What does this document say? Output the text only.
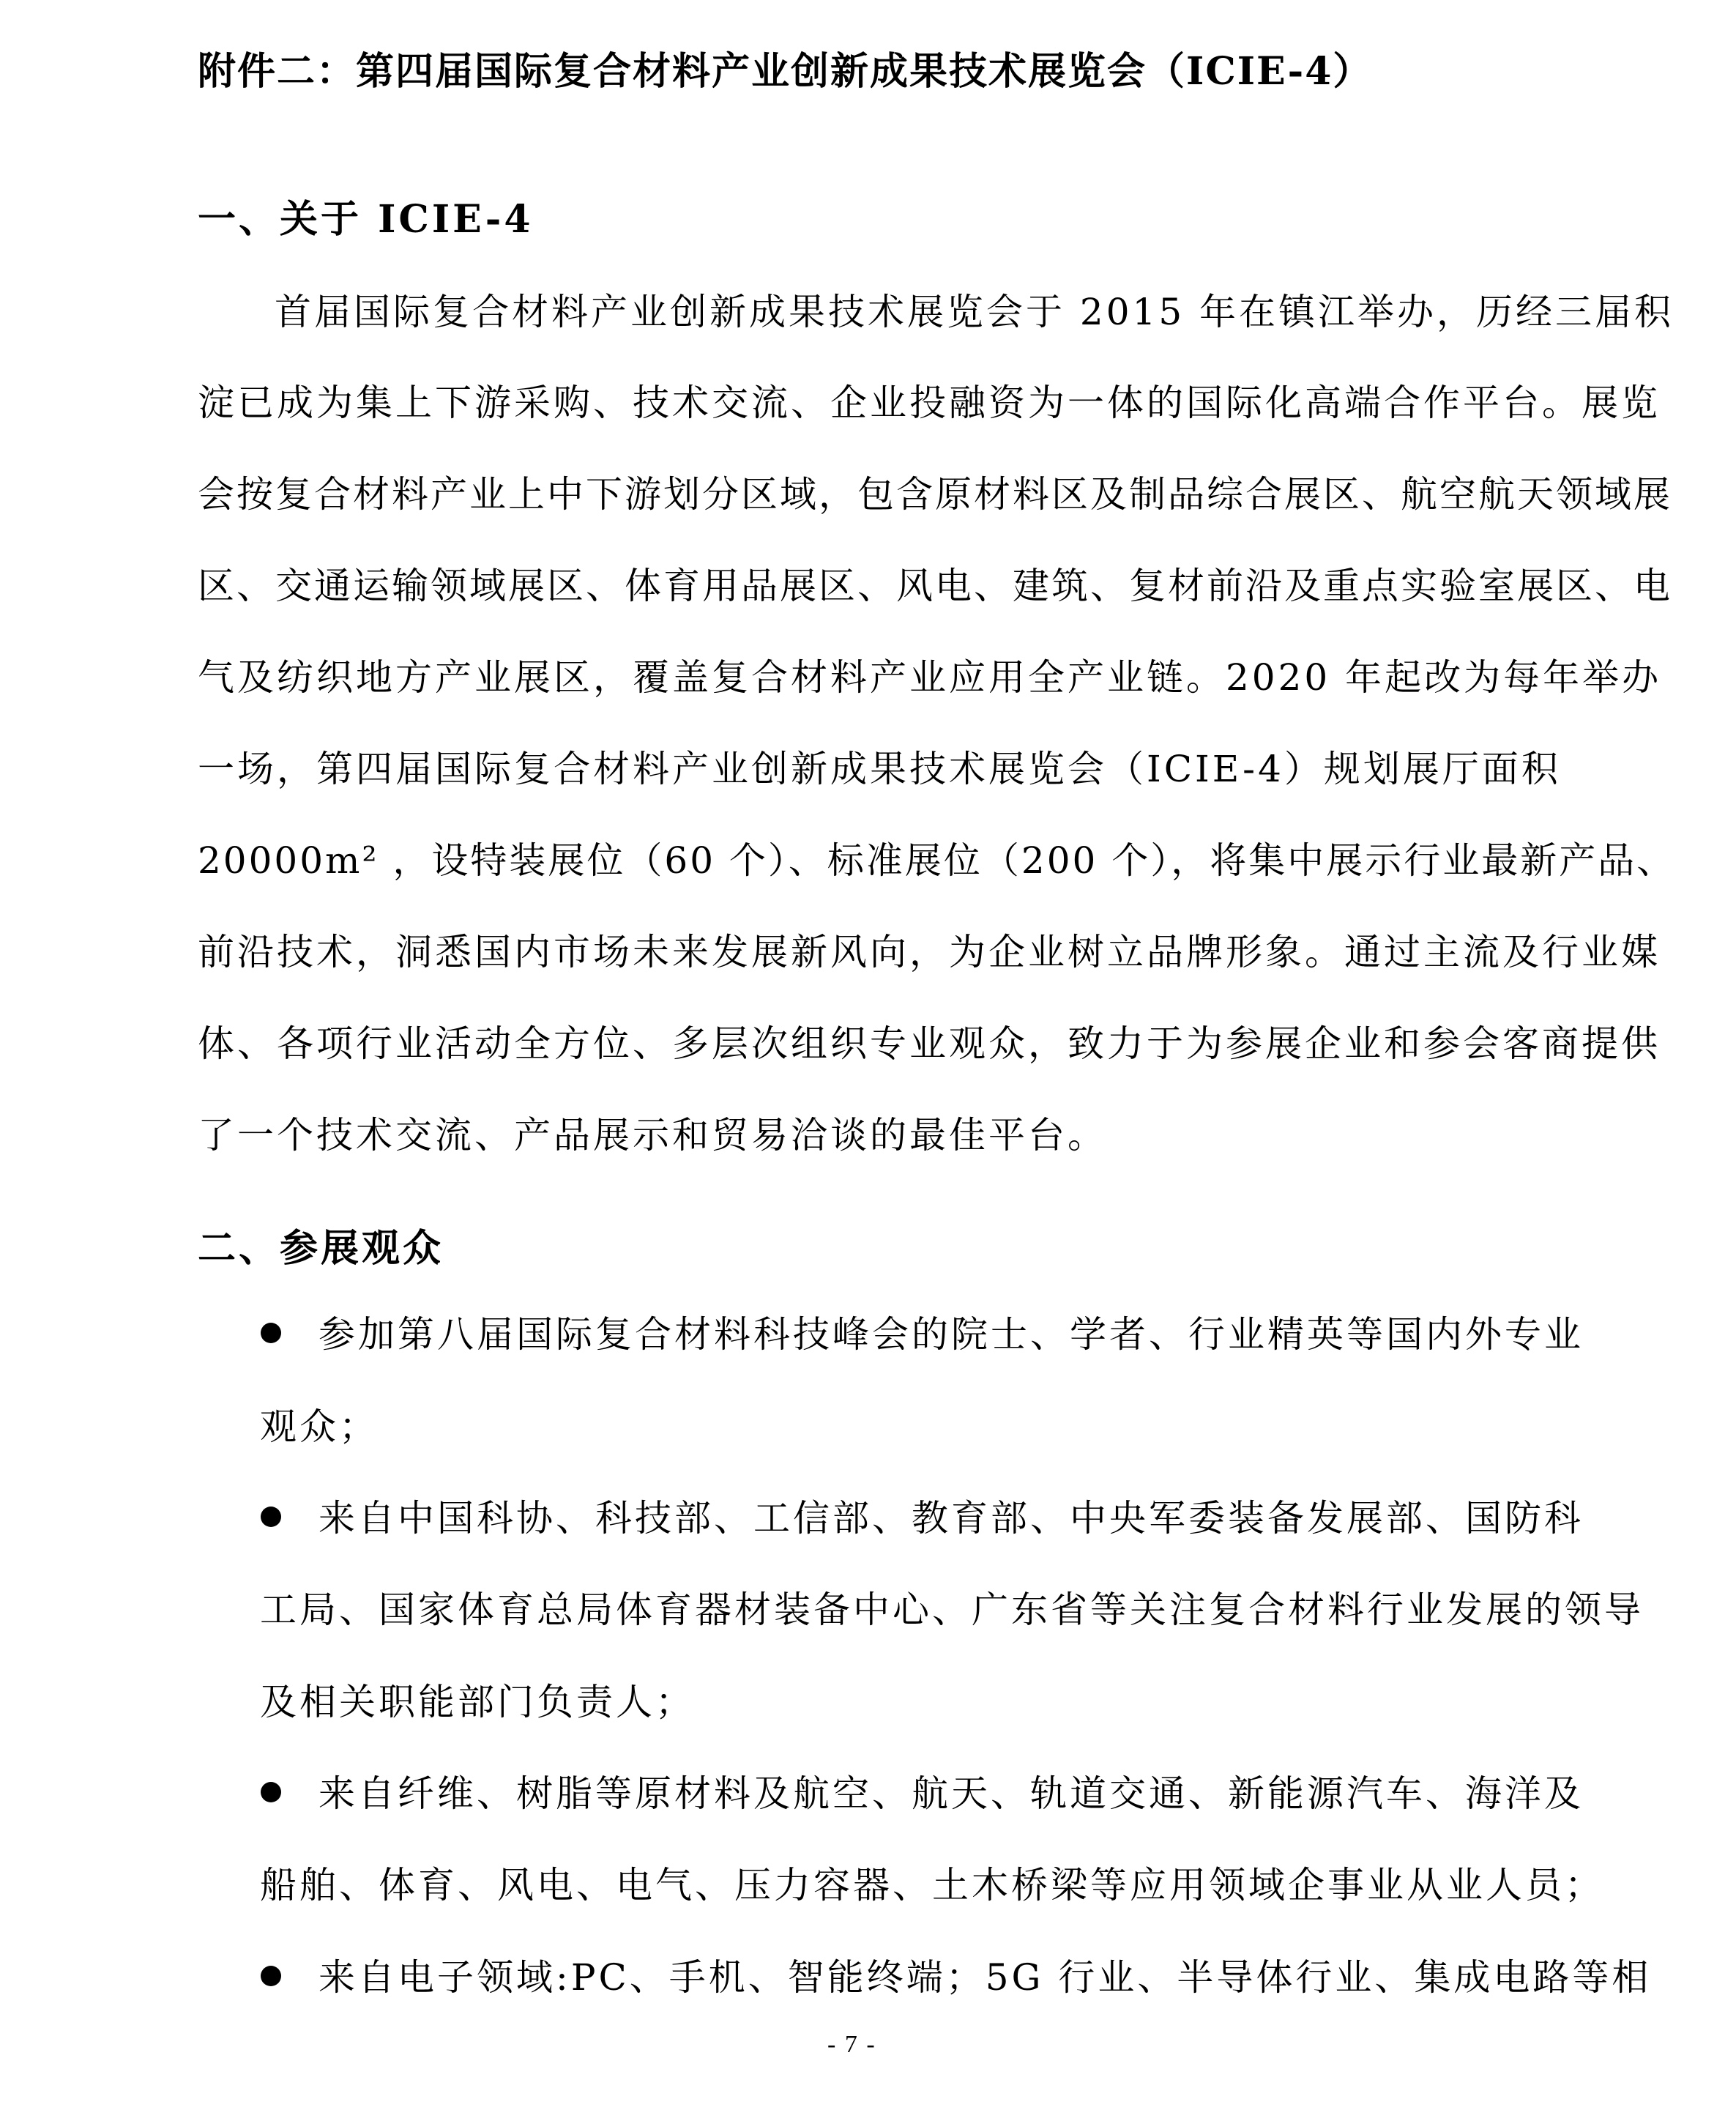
附件二：第四届国际复合材料产业创新成果技术展览会（ICIE-4）
一、关于 ICIE-4
首届国际复合材料产业创新成果技术展览会于 2015 年在镇江举办，历经三届积
淀已成为集上下游采购、技术交流、企业投融资为一体的国际化高端合作平台。展览
会按复合材料产业上中下游划分区域，包含原材料区及制品综合展区、航空航天领域展
区、交通运输领域展区、体育用品展区、风电、建筑、复材前沿及重点实验室展区、电
气及纺织地方产业展区，覆盖复合材料产业应用全产业链。2020 年起改为每年举办
一场，第四届国际复合材料产业创新成果技术展览会（ICIE-4）规划展厅面积
20000m² ，设特装展位（60 个）、标准展位（200 个），将集中展示行业最新产品、
前沿技术，洞悉国内市场未来发展新风向，为企业树立品牌形象。通过主流及行业媒
体、各项行业活动全方位、多层次组织专业观众，致力于为参展企业和参会客商提供
了一个技术交流、产品展示和贸易洽谈的最佳平台。
二、参展观众
参加第八届国际复合材料科技峰会的院士、学者、行业精英等国内外专业
观众；
来自中国科协、科技部、工信部、教育部、中央军委装备发展部、国防科
工局、国家体育总局体育器材装备中心、广东省等关注复合材料行业发展的领导
及相关职能部门负责人；
来自纤维、树脂等原材料及航空、航天、轨道交通、新能源汽车、海洋及
船舶、体育、风电、电气、压力容器、土木桥梁等应用领域企事业从业人员；
来自电子领域:PC、手机、智能终端；5G 行业、半导体行业、集成电路等相
- 7 -
